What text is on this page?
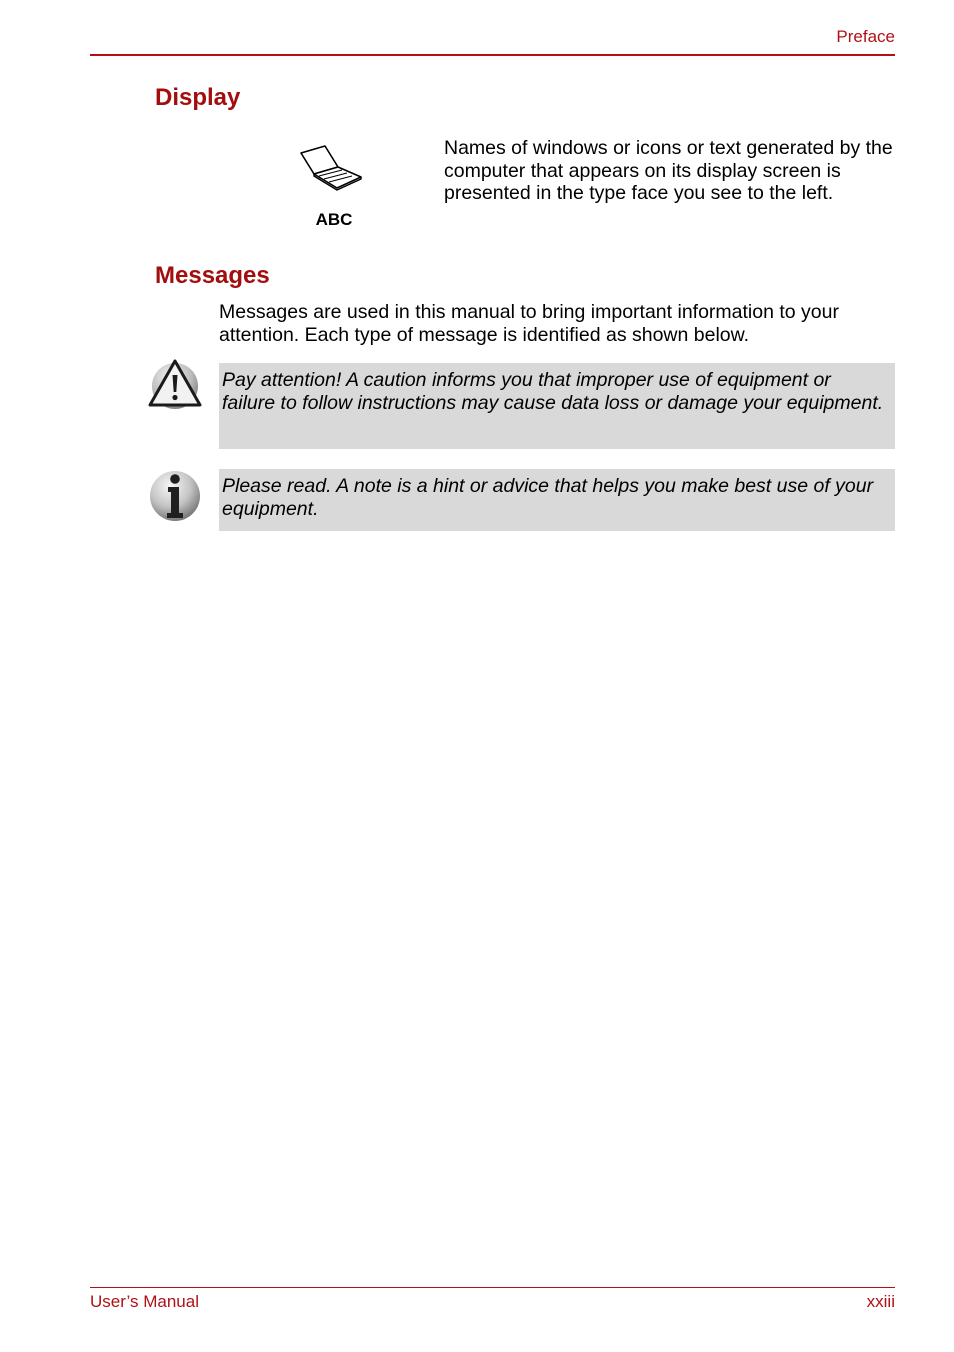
Preface
Display
ABC

Names of windows or icons or text generated by the computer that appears on its display screen is presented in the type face you see to the left.

Messages

Messages are used in this manual to bring important information to your attention. Each type of message is identified as shown below.

Pay attention! A caution informs you that improper use of equipment or failure to follow instructions may cause data loss or damage your equipment.

Please read. A note is a hint or advice that helps you make best use of your equipment.

User’s Manual	xxiii
